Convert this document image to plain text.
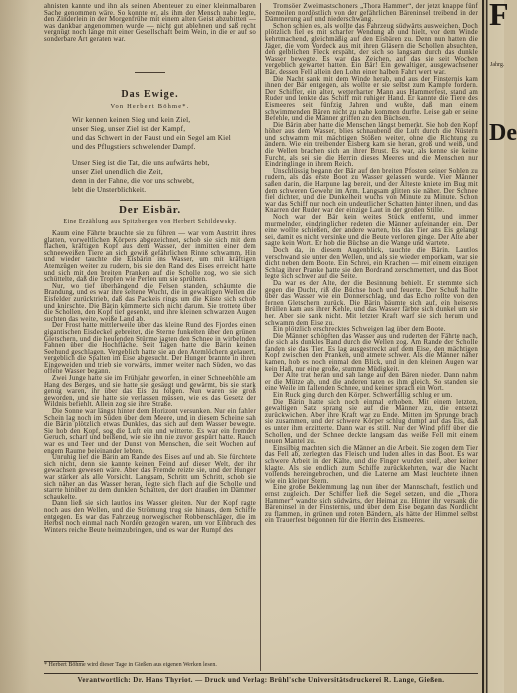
ahnisten kannte und ihn als seinen Abenteuer zu einer kleinmalbaren Sache genommen wäre. So konnte er, als ihm der Mensch nahe legte, den Zinderlein in der Morgenfrühe mit einem alten Geist abzubitten — was dankbar angenommen wurde — nicht gut ablehnen und saß recht vergnügt noch lange mit einer Gesellschaft beim Wein, in die er auf so sonderbare Art geraten war.

Das Ewige.
Von Herbert Böhme*.
Wir kennen keinen Sieg und kein Ziel,
unser Sieg, unser Ziel ist der Kampf,
und das Schwert in der Faust und ein Segel am Kiel
und des Pflugstiers schwelender Dampf.
Unser Sieg ist die Tat, die uns aufwärts hebt,
unser Ziel unendlich die Zeit,
denn in der Fahne, die vor uns schwebt,
lebt die Unsterblichkeit.
Der Eisbär.
Eine Erzählung aus Spitzbergen von Herbert Schildewsky.

Kaum eine Fährte brauchte sie zu führen — war vom Austritt ihres glatten, vorweltlichen Körpers abgezeichnet, schob sie sich mit dem flachen, kräftigen Kopf aus dem Wasser, der inmitten einer dem schneeweißen Tiere an sich gewiß gefährlichen Rinne schwamm. Hin und wieder tauchte die Eisbärin ins Wasser, um mit kräftigen Atemzügen weiter zu rudern, bis sie den Rand des Eises erreicht hatte und sich mit den breiten Pranken auf die Scholle zog, wo sie sich schüttelte, daß die Tropfen wie Perlen um sie sprühten.

Nur, wo tief überhängend die Felsen standen, schäumte die Brandung, und es war ihre seltene Wucht, die in gewaltigen Wellen die Eisfelder zurücktrieb, daß das Packeis rings um die Küste sich schob und knirschte. Die Bärin kümmerte sich nicht darum. Sie trottete über die Schollen, den Kopf tief gesenkt, und ihre kleinen schwarzen Augen suchten das weite, weiße Land ab.

Der Frost hatte mittlerweile über das kleine Rund des Fjordes einen gigantischen Eisdeckel gebreitet, die Sterne funkelten über den grünen Gletschern, und die heulenden Stürme jagten den Schnee in wirbelnden Fahnen über die Hochfläche. Seit Tagen hatte die Bärin keinen Seehund geschlagen. Vergeblich hatte sie an den Atemlöchern gelauert, vergeblich die Spalten im Eise abgesucht. Der Hunger brannte in ihren Eingeweiden und trieb sie vorwärts, immer weiter nach Süden, wo das offene Wasser begann.

Zwei Junge hatte sie im Frühjahr geworfen, in einer Schneehöhle am Hang des Berges, und sie hatte sie gesäugt und gewärmt, bis sie stark genug waren, ihr über das Eis zu folgen. Nun waren sie groß geworden, und sie hatte sie verlassen müssen, wie es das Gesetz der Wildnis befiehlt. Allein zog sie ihre Straße.

Die Sonne war längst hinter dem Horizont versunken. Nur ein fahler Schein lag noch im Süden über dem Meere, und in diesem Scheine sah die Bärin plötzlich etwas Dunkles, das sich auf dem Wasser bewegte. Sie hob den Kopf, sog die Luft ein und witterte. Es war ein fremder Geruch, scharf und beißend, wie sie ihn nie zuvor gespürt hatte. Rauch war es und Teer und der Dunst von Menschen, die seit Wochen auf engem Raume beieinander lebten.

Unruhig lief die Bärin am Rande des Eises auf und ab. Sie fürchtete sich nicht, denn sie kannte keinen Feind auf dieser Welt, der ihr gewachsen gewesen wäre. Aber das Fremde reizte sie, und der Hunger war stärker als alle Vorsicht. Langsam, Schritt um Schritt, schob sie sich näher an das Wasser heran, legte sich flach auf die Scholle und starrte hinüber zu dem dunklen Schatten, der dort draußen im Dämmer schaukelte.

Dann ließ sie sich lautlos ins Wasser gleiten. Nur der Kopf ragte noch aus den Wellen, und die Strömung trug sie hinaus, dem Schiffe entgegen. Es war das Fahrzeug norwegischer Robbenschläger, die im Herbst noch einmal nach Norden gezogen waren, um vor Einbruch des Winters reiche Beute heimzubringen, und es war der Rumpf des

* Herbert Böhme wird dieser Tage in Gießen aus eigenen Werken lesen.

Tromsöer Zweimastschoners „Thora Hammer“, der jetzt knappe fünf Seemeilen nordöstlich von der gefährlichen Bäreninsel treibend in der Dämmerung auf und niederschwang.

Schon schien es, als wollte das Fahrzeug südwärts ausweichen. Doch plötzlich fiel es mit scharfer Wendung ab und hielt, vor dem Winde kehrtmachend, gleichmäßig auf den Eisbären zu. Denn nun hatten die Jäger, die vom Vordeck aus mit ihren Gläsern die Schollen absuchten, den gelblichen Fleck erspäht, der sich so langsam durch das dunkle Wasser bewegte. Es war das Zeichen, auf das sie seit Wochen vergeblich gewartet hatten. Ein Bär! Ein gewaltiger, ausgewachsener Bär, dessen Fell allein den Lohn einer halben Fahrt wert war.

Die Nacht sank mit dem Winde herab, und aus der Finsternis kam ihnen der Bär entgegen, als wollte er sie selbst zum Kampfe fordern. Der Schiffer, ein alter, wetterharter Mann aus Hammerfest, stand am Ruder und lenkte das Schiff mit ruhiger Hand. Er kannte die Tiere des Eismeeres seit fünfzig Jahren und wußte, daß man einem schwimmenden Bären nicht zu nahe kommen durfte. Leise gab er seine Befehle, und die Männer griffen zu den Büchsen.

Die Bärin aber hatte die Menschen längst bemerkt. Sie hob den Kopf höher aus dem Wasser, blies schnaubend die Luft durch die Nüstern und schwamm mit mächtigen Stößen weiter, ohne die Richtung zu ändern. Wie ein treibender Eisberg kam sie heran, groß und weiß, und die Wellen brachen sich an ihrer Brust. Es war, als kenne sie keine Furcht, als sei sie die Herrin dieses Meeres und die Menschen nur Eindringlinge in ihrem Reich.

Unschlüssig begann der Bär auf den breiten Pfosten seiner Sohlen zu rudern, als das erste Boot zu Wasser gelassen wurde. Vier Männer saßen darin, die Harpune lag bereit, und der Älteste kniete im Bug mit dem schweren Gewehr im Arm. Langsam glitten sie näher. Der Schnee fiel dichter, und die Dunkelheit wuchs von Minute zu Minute. Schon war das Schiff nur noch ein undeutlicher Schatten hinter ihnen, und das Knarren der Ruder war der einzige Laut in der großen Stille.

Noch war der Bär kein weites Stück entfernt, und immer murmelnder, eindringlicher redeten die Männer aufeinander ein. Der eine wollte schießen, der andere warten, bis das Tier ans Eis gelangt sei, damit es nicht versinke und die Beute verloren ginge. Der Alte aber sagte kein Wort. Er hob die Büchse an die Wange und wartete.

Doch da, in diesem Augenblick, tauchte die Bärin. Lautlos verschwand sie unter den Wellen, und als sie wieder emporkam, war sie dicht neben dem Boote. Ein Schrei, ein Krachen — mit einem einzigen Schlag ihrer Pranke hatte sie den Bordrand zerschmettert, und das Boot legte sich schwer auf die Seite.

Da war es der Alte, der die Besinnung behielt. Er stemmte sich gegen die Ducht, riß die Büchse hoch und feuerte. Der Schuß hallte über das Wasser wie ein Donnerschlag, und das Echo rollte von den fernen Gletschern zurück. Die Bärin bäumte sich auf, ein heiseres Brüllen kam aus ihrer Kehle, und das Wasser färbte sich dunkel um sie her. Aber sie sank nicht. Mit letzter Kraft warf sie sich herum und schwamm dem Eise zu.

Ein plötzlich erschrecktes Schweigen lag über dem Boote.

Die Männer schöpften das Wasser aus und ruderten der Fährte nach, die sich als dunkles Band durch die Wellen zog. Am Rande der Scholle fanden sie das Tier. Es lag ausgestreckt auf dem Eise, den mächtigen Kopf zwischen den Pranken, und atmete schwer. Als die Männer näher kamen, hob es noch einmal den Blick, und in den kleinen Augen war kein Haß, nur eine große, stumme Müdigkeit.

Der Alte trat heran und sah lange auf den Bären nieder. Dann nahm er die Mütze ab, und die anderen taten es ihm gleich. So standen sie eine Weile im fallenden Schnee, und keiner sprach ein Wort.

Ein Ruck ging durch den Körper. Schwerfällig schlug er um.

Die Bärin hatte sich noch einmal erhoben. Mit einem letzten, gewaltigen Satz sprang sie auf die Männer zu, die entsetzt zurückwichen. Aber ihre Kraft war zu Ende. Mitten im Sprunge brach sie zusammen, und der schwere Körper schlug dumpf auf das Eis, daß es unter ihm erzitterte. Dann war es still. Nur der Wind pfiff über die Schollen, und der Schnee deckte langsam das weiße Fell mit einem neuen Mantel zu.

Einsilbig machten sich die Männer an die Arbeit. Sie zogen dem Tier das Fell ab, zerlegten das Fleisch und luden alles in das Boot. Es war schwere Arbeit in der Kälte, und die Finger wurden steif, aber keiner klagte. Als sie endlich zum Schiffe zurückkehrten, war die Nacht vollends hereingebrochen, und die Laterne am Mast leuchtete ihnen wie ein kleiner Stern.

Eine große Beklemmung lag nun über der Mannschaft, festlich und ernst zugleich. Der Schiffer ließ die Segel setzen, und die „Thora Hammer“ wandte sich südwärts, der Heimat zu. Hinter ihr versank die Bäreninsel in der Finsternis, und über dem Eise begann das Nordlicht zu flammen, in grünen und roten Bändern, als hätte der Himmel selbst ein Trauerfest begonnen für die Herrin des Eismeeres.

Verantwortlich: Dr. Hans Thyriot. — Druck und Verlag: Brühl'sche Universitätsdruckerei R. Lange, Gießen.
F
Jahrg.
De
